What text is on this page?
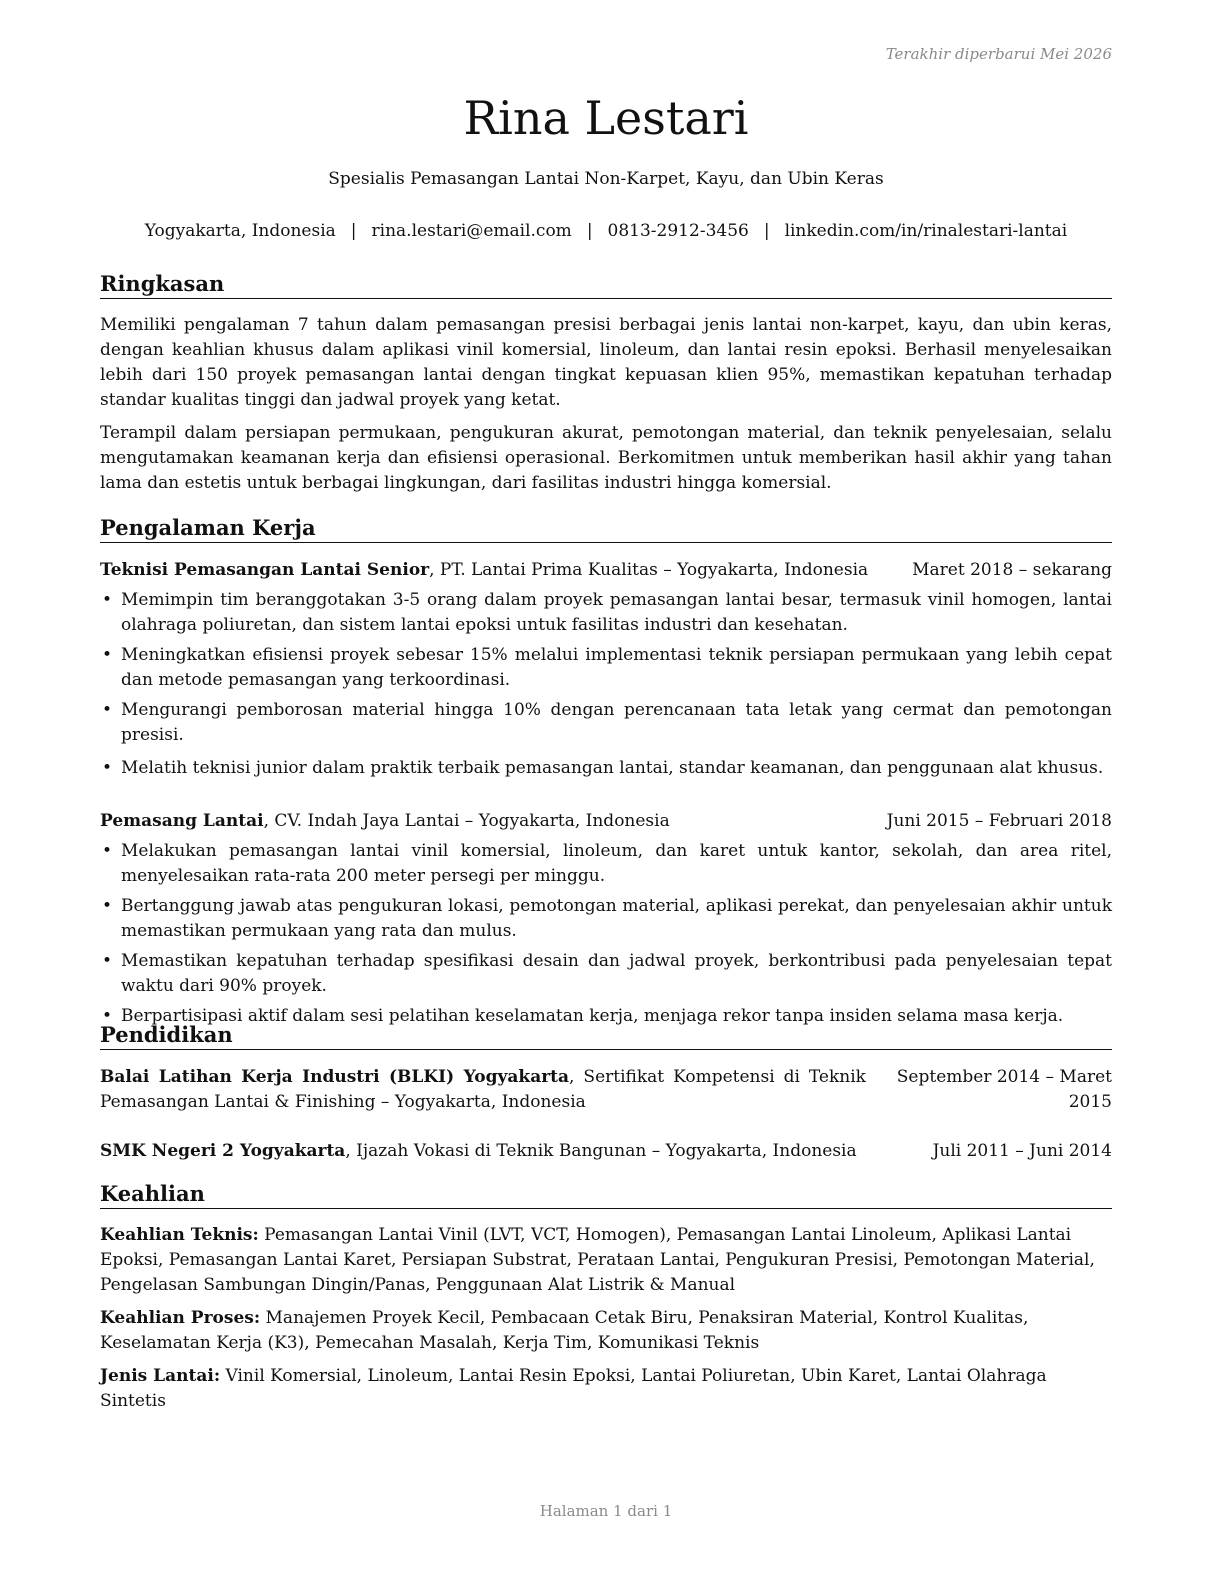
Terakhir diperbarui Mei 2026
Rina Lestari
Spesialis Pemasangan Lantai Non-Karpet, Kayu, dan Ubin Keras
Yogyakarta, Indonesia | rina.lestari@email.com | 0813-2912-3456 | linkedin.com/in/rinalestari-lantai
Ringkasan

Memiliki pengalaman 7 tahun dalam pemasangan presisi berbagai jenis lantai non-karpet, kayu, dan ubin keras, dengan keahlian khusus dalam aplikasi vinil komersial, linoleum, dan lantai resin epoksi. Berhasil menyelesaikan lebih dari 150 proyek pemasangan lantai dengan tingkat kepuasan klien 95%, memastikan kepatuhan terhadap standar kualitas tinggi dan jadwal proyek yang ketat.

Terampil dalam persiapan permukaan, pengukuran akurat, pemotongan material, dan teknik penyelesaian, selalu mengutamakan keamanan kerja dan efisiensi operasional. Berkomitmen untuk memberikan hasil akhir yang tahan lama dan estetis untuk berbagai lingkungan, dari fasilitas industri hingga komersial.

Pengalaman Kerja
Teknisi Pemasangan Lantai Senior, PT. Lantai Prima Kualitas – Yogyakarta, Indonesia	Maret 2018 – sekarang
• Memimpin tim beranggotakan 3-5 orang dalam proyek pemasangan lantai besar, termasuk vinil homogen, lantai olahraga poliuretan, dan sistem lantai epoksi untuk fasilitas industri dan kesehatan.
• Meningkatkan efisiensi proyek sebesar 15% melalui implementasi teknik persiapan permukaan yang lebih cepat dan metode pemasangan yang terkoordinasi.
• Mengurangi pemborosan material hingga 10% dengan perencanaan tata letak yang cermat dan pemotongan presisi.
• Melatih teknisi junior dalam praktik terbaik pemasangan lantai, standar keamanan, dan penggunaan alat khusus.
Pemasang Lantai, CV. Indah Jaya Lantai – Yogyakarta, Indonesia	Juni 2015 – Februari 2018
• Melakukan pemasangan lantai vinil komersial, linoleum, dan karet untuk kantor, sekolah, dan area ritel, menyelesaikan rata-rata 200 meter persegi per minggu.
• Bertanggung jawab atas pengukuran lokasi, pemotongan material, aplikasi perekat, dan penyelesaian akhir untuk memastikan permukaan yang rata dan mulus.
• Memastikan kepatuhan terhadap spesifikasi desain dan jadwal proyek, berkontribusi pada penyelesaian tepat waktu dari 90% proyek.
• Berpartisipasi aktif dalam sesi pelatihan keselamatan kerja, menjaga rekor tanpa insiden selama masa kerja.
Pendidikan
Balai Latihan Kerja Industri (BLKI) Yogyakarta, Sertifikat Kompetensi di Teknik Pemasangan Lantai & Finishing – Yogyakarta, Indonesia
September 2014 – Maret 2015
SMK Negeri 2 Yogyakarta, Ijazah Vokasi di Teknik Bangunan – Yogyakarta, Indonesia	Juli 2011 – Juni 2014
Keahlian

Keahlian Teknis: Pemasangan Lantai Vinil (LVT, VCT, Homogen), Pemasangan Lantai Linoleum, Aplikasi Lantai Epoksi, Pemasangan Lantai Karet, Persiapan Substrat, Perataan Lantai, Pengukuran Presisi, Pemotongan Material, Pengelasan Sambungan Dingin/Panas, Penggunaan Alat Listrik & Manual

Keahlian Proses: Manajemen Proyek Kecil, Pembacaan Cetak Biru, Penaksiran Material, Kontrol Kualitas, Keselamatan Kerja (K3), Pemecahan Masalah, Kerja Tim, Komunikasi Teknis

Jenis Lantai: Vinil Komersial, Linoleum, Lantai Resin Epoksi, Lantai Poliuretan, Ubin Karet, Lantai Olahraga Sintetis

Halaman 1 dari 1
